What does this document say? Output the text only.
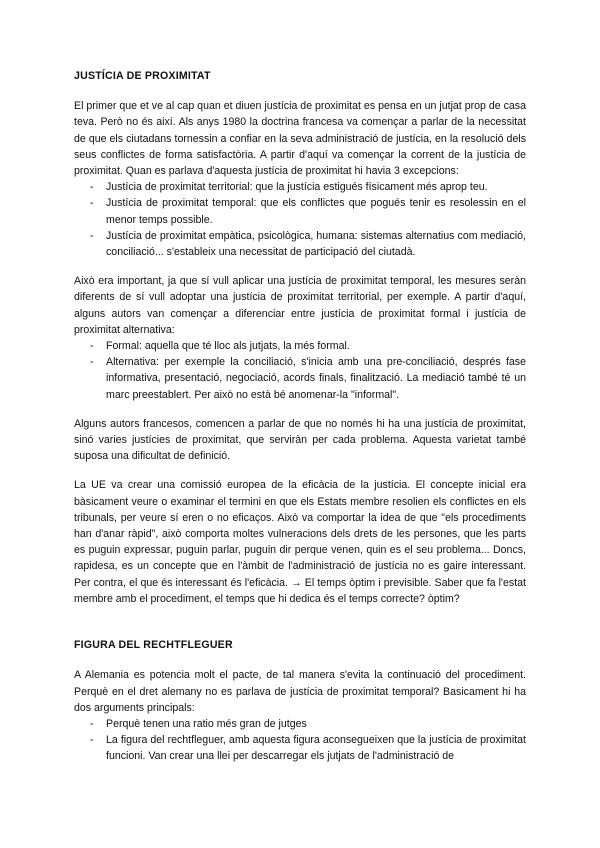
JUSTÍCIA DE PROXIMITAT

El primer que et ve al cap quan et diuen justícia de proximitat es pensa en un jutjat prop de casa teva. Però no és així. Als anys 1980 la doctrina francesa va començar a parlar de la necessitat de que els ciutadans tornessin a confiar en la seva administració de justícia, en la resolució dels seus conflictes de forma satisfactòria. A partir d'aquí va començar la corrent de la justícia de proximitat. Quan es parlava d'aquesta justícia de proximitat hi havia 3 excepcions:

- Justícia de proximitat territorial: que la justícia estigués físicament més aprop teu.
- Justícia de proximitat temporal: que els conflictes que pogués tenir es resolessin en el menor temps possible.
- Justícia de proximitat empàtica, psicològica, humana: sistemas alternatius com mediació, conciliació... s'estableix una necessitat de participació del ciutadà.

Això era important, ja que sí vull aplicar una justícia de proximitat temporal, les mesures seràn diferents de sí vull adoptar una justícia de proximitat territorial, per exemple. A partir d'aquí, alguns autors van començar a diferenciar entre justícia de proximitat formal i justícia de proximitat alternativa:

- Formal: aquella que té lloc als jutjats, la més formal.
- Alternativa: per exemple la conciliació, s'inicia amb una pre-conciliació, després fase informativa, presentació, negociació, acords finals, finalització. La mediació també té un marc preestablert. Per això no està bé anomenar-la "informal".

Alguns autors francesos, comencen a parlar de que no només hi ha una justícia de proximitat, sinó varies justícies de proximitat, que serviràn per cada problema. Aquesta varietat també suposa una dificultat de definició.

La UE va crear una comissió europea de la eficàcia de la justícia. El concepte inicial era bàsicament veure o examinar el termini en que els Estats membre resolien els conflictes en els tribunals, per veure sí eren o no eficaços. Això va comportar la idea de que "els procediments han d'anar ràpid", això comporta moltes vulneracions dels drets de les persones, que les parts es puguin expressar, puguin parlar, puguin dir perque venen, quin es el seu problema... Doncs, rapidesa, es un concepte que en l'àmbit de l'administració de justícia no es gaire interessant. Per contra, el que és interessant és l'eficàcia. → El temps òptim i previsible. Saber que fa l'estat membre amb el procediment, el temps que hi dedica és el temps correcte? òptim?

FIGURA DEL RECHTFLEGUER

A Alemania es potencia molt el pacte, de tal manera s'evita la continuació del procediment. Perquè en el dret alemany no es parlava de justícia de proximitat temporal? Basicament hi ha dos arguments principals:

- Perquè tenen una ratio més gran de jutges
- La figura del rechtfleguer, amb aquesta figura aconsegueixen que la justícia de proximitat funcioni. Van crear una llei per descarregar els jutjats de l'administració de
